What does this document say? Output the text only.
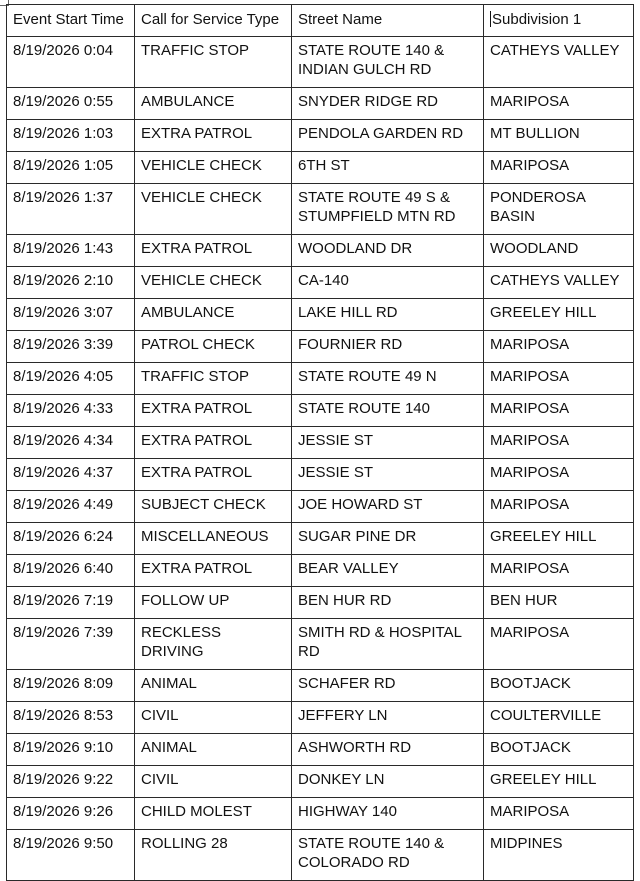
Event Start Time	Call for Service Type	Street Name	Subdivision 1
8/19/2026 0:04	TRAFFIC STOP	STATE ROUTE 140 & INDIAN GULCH RD	CATHEYS VALLEY
8/19/2026 0:55	AMBULANCE	SNYDER RIDGE RD	MARIPOSA
8/19/2026 1:03	EXTRA PATROL	PENDOLA GARDEN RD	MT BULLION
8/19/2026 1:05	VEHICLE CHECK	6TH ST	MARIPOSA
8/19/2026 1:37	VEHICLE CHECK	STATE ROUTE 49 S & STUMPFIELD MTN RD	PONDEROSA BASIN
8/19/2026 1:43	EXTRA PATROL	WOODLAND DR	WOODLAND
8/19/2026 2:10	VEHICLE CHECK	CA-140	CATHEYS VALLEY
8/19/2026 3:07	AMBULANCE	LAKE HILL RD	GREELEY HILL
8/19/2026 3:39	PATROL CHECK	FOURNIER RD	MARIPOSA
8/19/2026 4:05	TRAFFIC STOP	STATE ROUTE 49 N	MARIPOSA
8/19/2026 4:33	EXTRA PATROL	STATE ROUTE 140	MARIPOSA
8/19/2026 4:34	EXTRA PATROL	JESSIE ST	MARIPOSA
8/19/2026 4:37	EXTRA PATROL	JESSIE ST	MARIPOSA
8/19/2026 4:49	SUBJECT CHECK	JOE HOWARD ST	MARIPOSA
8/19/2026 6:24	MISCELLANEOUS	SUGAR PINE DR	GREELEY HILL
8/19/2026 6:40	EXTRA PATROL	BEAR VALLEY	MARIPOSA
8/19/2026 7:19	FOLLOW UP	BEN HUR RD	BEN HUR
8/19/2026 7:39	RECKLESS DRIVING	SMITH RD & HOSPITAL RD	MARIPOSA
8/19/2026 8:09	ANIMAL	SCHAFER RD	BOOTJACK
8/19/2026 8:53	CIVIL	JEFFERY LN	COULTERVILLE
8/19/2026 9:10	ANIMAL	ASHWORTH RD	BOOTJACK
8/19/2026 9:22	CIVIL	DONKEY LN	GREELEY HILL
8/19/2026 9:26	CHILD MOLEST	HIGHWAY 140	MARIPOSA
8/19/2026 9:50	ROLLING 28	STATE ROUTE 140 & COLORADO RD	MIDPINES
